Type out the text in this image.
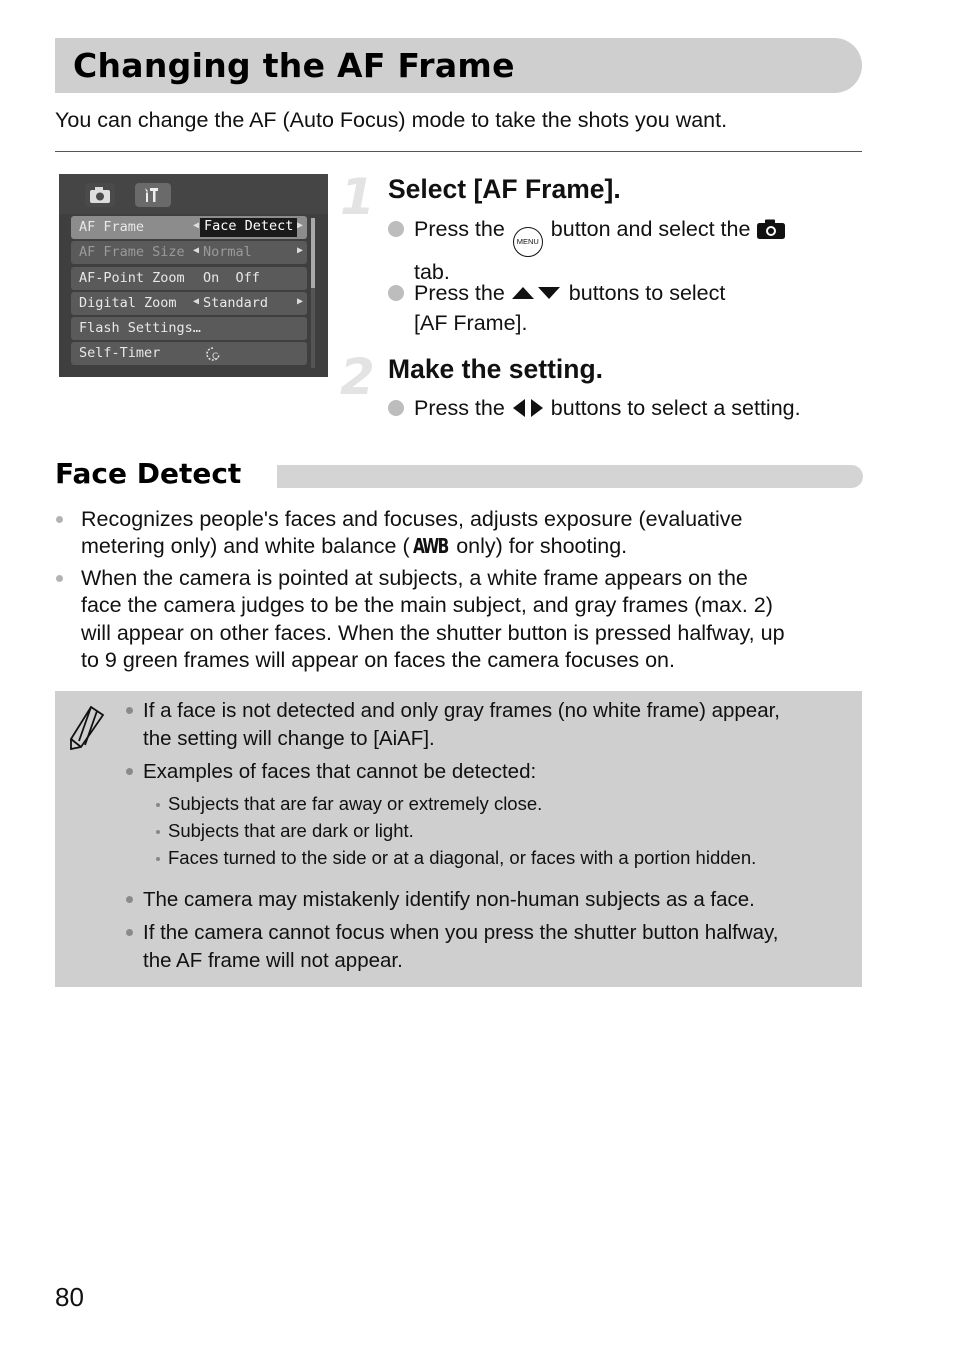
Changing the AF Frame
You can change the AF (Auto Focus) mode to take the shots you want.
AF Frame	◀ Face Detect ▶
AF Frame Size ◀ Normal	▶
AF-Point Zoom On  Off
Digital Zoom ◀ Standard	▶
Flash Settings…
Self-Timer	C
1 Select [AF Frame].
Press the MENU button and select the
tab.
Press the	buttons to select
[AF Frame].
2 Make the setting.
Press the buttons to select a setting.
Face Detect
Recognizes people's faces and focuses, adjusts exposure (evaluative
metering only) and white balance ( AWB only) for shooting.
When the camera is pointed at subjects, a white frame appears on the
face the camera judges to be the main subject, and gray frames (max. 2)
will appear on other faces. When the shutter button is pressed halfway, up
to 9 green frames will appear on faces the camera focuses on.
If a face is not detected and only gray frames (no white frame) appear,
the setting will change to [AiAF].
Examples of faces that cannot be detected:
Subjects that are far away or extremely close.
Subjects that are dark or light.
Faces turned to the side or at a diagonal, or faces with a portion hidden.
The camera may mistakenly identify non-human subjects as a face.
If the camera cannot focus when you press the shutter button halfway,
the AF frame will not appear.
80
